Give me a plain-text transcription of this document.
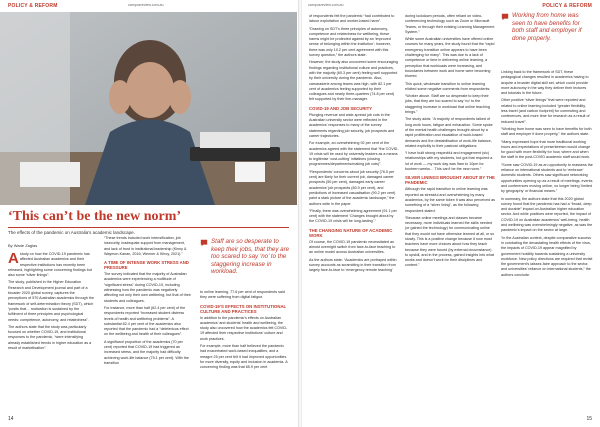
POLICY & REFORM	campusreview.com.au
‘This can’t be the new norm’
The effects of the pandemic on Australia’s academic landscape.
By Wade Zaglas

Astudy on how the COVID-19 pandemic has affected Australian academics and their respective institutions has recently been released, highlighting some concerning findings but also some “silver linings”.

The study, published in the Higher Education Research and Development journal and part of a broader 2020 global survey, captures the perceptions of 570 Australian academics through the framework of self-determination theory (SDT), which “posits that… motivation is sustained by the fulfilment of three principles and psychological needs: competence, autonomy, and relatedness”.

The authors state that the study was particularly focused on whether COVID-19, and institutional responses to the pandemic, “were intensifying already established trends in higher education as a result of marketisation”.

“These trends included work intensification, job insecurity, inadequate support from management, and lack of trust in institutional leadership (Kinny & Waymon-Kanan, 2016; Wenner & Kilroy, 2021).”

A TIME OF INTENSE WORK STRESS AND PRESSURE

The survey indicated that the majority of Australian academics were experiencing a multitude of “significant stress” during COVID-19, including witnessing how the pandemic was negatively affecting not only their own wellbeing, but that of their students and colleagues.

For instance, more than half (62.4 per cent) of the respondents reported “increased student distress levels of health and wellbeing problems”. A substantial 82.4 per cent of the academics also reported that the pandemic had a “deleterious effect on the wellbeing and health of their colleagues”.

A significant proportion of the academics (70 per cent) reported that COVID-19 had triggered an increased stress, and the majority had difficulty achieving work-life balance (75.1 per cent). With the transition

Staff are so desperate to keep their jobs, that they are too scared to say ‘no’ to the staggering increase in workload.

to online learning, 77.6 per cent of respondents said they were suffering from digital fatigue.

COVID-19’S EFFECTS ON INSTITUTIONAL CULTURE AND PRACTICES

In addition to the pandemic’s effects on Australian academics’ and students’ health and wellbeing, the study also uncovered how the academics felt COVID-19 affected their respective institutions’ culture and work practices.

For example, more than half believed the pandemic had exacerbated work-based inequalities, and a meagre 25 per cent felt it had improved opportunities for more diversity, equity and inclusion in academia. A concerning finding was that 65.9 per cent

14
campusreview.com.au	POLICY & REFORM

of respondents felt the pandemic “had contributed to labour exploitation and worker-based harm”.

“Drawing on SDT’s three principles of autonomy, competence and relatedness for wellbeing, these harms might be protected against by an ‘improved sense of belonging within the institution’; however, there was only 10.2 per cent agreement with this survey question,” the authors state.

However, the study also uncovered some encouraging findings regarding institutional culture and practices, with the majority (60.3 per cent) feeling well supported by their university during the pandemic. Also, camaraderie among teams was high, with 82.1 per cent of academics feeling supported by their colleagues and nearly three-quarters (74.8 per cent) felt supported by their line-manager.

COVID-19 AND JOB SECURITY

Plunging revenue and wide-spread job cuts in the Australian university sector were reflected in the academics’ responses to many of the survey statements regarding job security, job prospects and career trajectories.

For example, an overwhelming 92 per cent of the academics agreed with the statement that “the COVID-19 crisis will be used by university leaders as a means to legitimise ‘cost-cutting’ initiatives (closing programmes/departments/making job cuts)”.

“Respondents’ concerns about job security (76.5 per cent) are likely for their current job, damaged career prospects (50 per cent), damaged early career academics’ job prospects (80.9 per cent), and predictions of increased casualisation (90.2 per cent) paint a stark picture of the academic landscape,” the authors write in the paper.

“Finally, there was overwhelming agreement (91.1 per cent) with the statement ‘Changes brought about by the COVID-19 crisis will be long-lasting’.”

THE CHANGING NATURE OF ACADEMIC WORK

Of course, the COVID-19 pandemic necessitated an almost overnight switch from face-to-face teaching to an online model across Australian universities.

As the authors state: “Academics are portrayed within survey accounts as scrambling in their transition from largely face-to-face to ‘emergency remote teaching’

during lockdown periods, often reliant on video-conferencing technology such as Zoom or Microsoft Teams, or through their existing Learning Management System.”

While some Australian universities have offered online courses for many years, the study found that the “rapid emergency transition online appears to have been challenging for many”. This was due to a lack of competence or time in delivering online learning, a perception that workloads were increasing, and boundaries between work and home were becoming blurred.

This quick, wholesale transition to online learning elicited some negative comments from respondents:

“Worker abuse. Staff are so desperate to keep their jobs, that they are too scared to say ‘no’ to the staggering increase in workload that online teaching brings.”

The study adds: “A majority of respondents talked of long work hours, fatigue and exhaustion. Some spoke of the mental health challenges brought about by a rapid proliferation and escalation of work-based demands and the destabilisation of work-life balance, related explicitly to their pastoral obligations:

“I have built strong respectful and engagement (sic) relationships with my students, but got that required a lot of work — my work day was 9am to 10pm for fourteen weeks… This can’t be the new norm.”

SILVER LININGS BROUGHT ABOUT BY THE PANDEMIC

Although the rapid transition to online learning was reported as stressful and overwhelming by many academics, by the same token it was also perceived as something of a “silver lining”, as the following respondent stated:

“Because online meetings and classes became necessary, more individuals learned the skills needed (or gained the technology) for communicating online that they would not have otherwise learned at all, or so slowly. This is a positive change because it now most teachers have more choices about how they teach because they were forced (by external circumstance) to upskill, and in the process, gained insights into what works and doesn’t work for their disciplines and content.”

Working from home was seen to have benefits for both staff and employer if done properly.

Linking back to the framework of SDT, these pedagogical changes resulted in academics having to acquire a broader digital skill set, which could provide more autonomy in the way they deliver their lectures and tutorials in the future.

Other positive “silver linings” that were reported and related to online learning included “greater flexibility, less travel (and carbon footprint) for commuting and conferences, and more time for research as a result of reduced travel”.

“Working from home was seen to have benefits for both staff and employer if done properly,” the authors state.

“Many expressed hope that more traditional working hours and expectations of presenteeism would change for good with more flexibility for how, where and when the staff in the post-COVID academic staff would work.

“Some saw COVID-19 as an opportunity to reassess the reliance on international students and to ‘embrace’ domestic students. Others saw significant networking opportunities opening up as a result of meetings, events and conferences moving online, no longer being ‘limited by geography’ or financial means.”

In summary, the authors state that this 2020 global survey found that the pandemic has had a “broad, deep and durable” impact on Australian higher education sector. And while positives were reported, the impact of COVID-19 on Australian academics’ well-being, health and wellbeing was overwhelmingly negative, as was the pandemic’s impact on the sector at large.

“In the Australian context, despite comparative success in combating the devastating health effects of the virus, the impacts of COVID-19 appear magnified by government hostility towards sustaining a university workforce. New policy directions are required that revisit the government’s laissez-faire approach to the sector, and universities’ reliance on international students,” the authors conclude.

15
